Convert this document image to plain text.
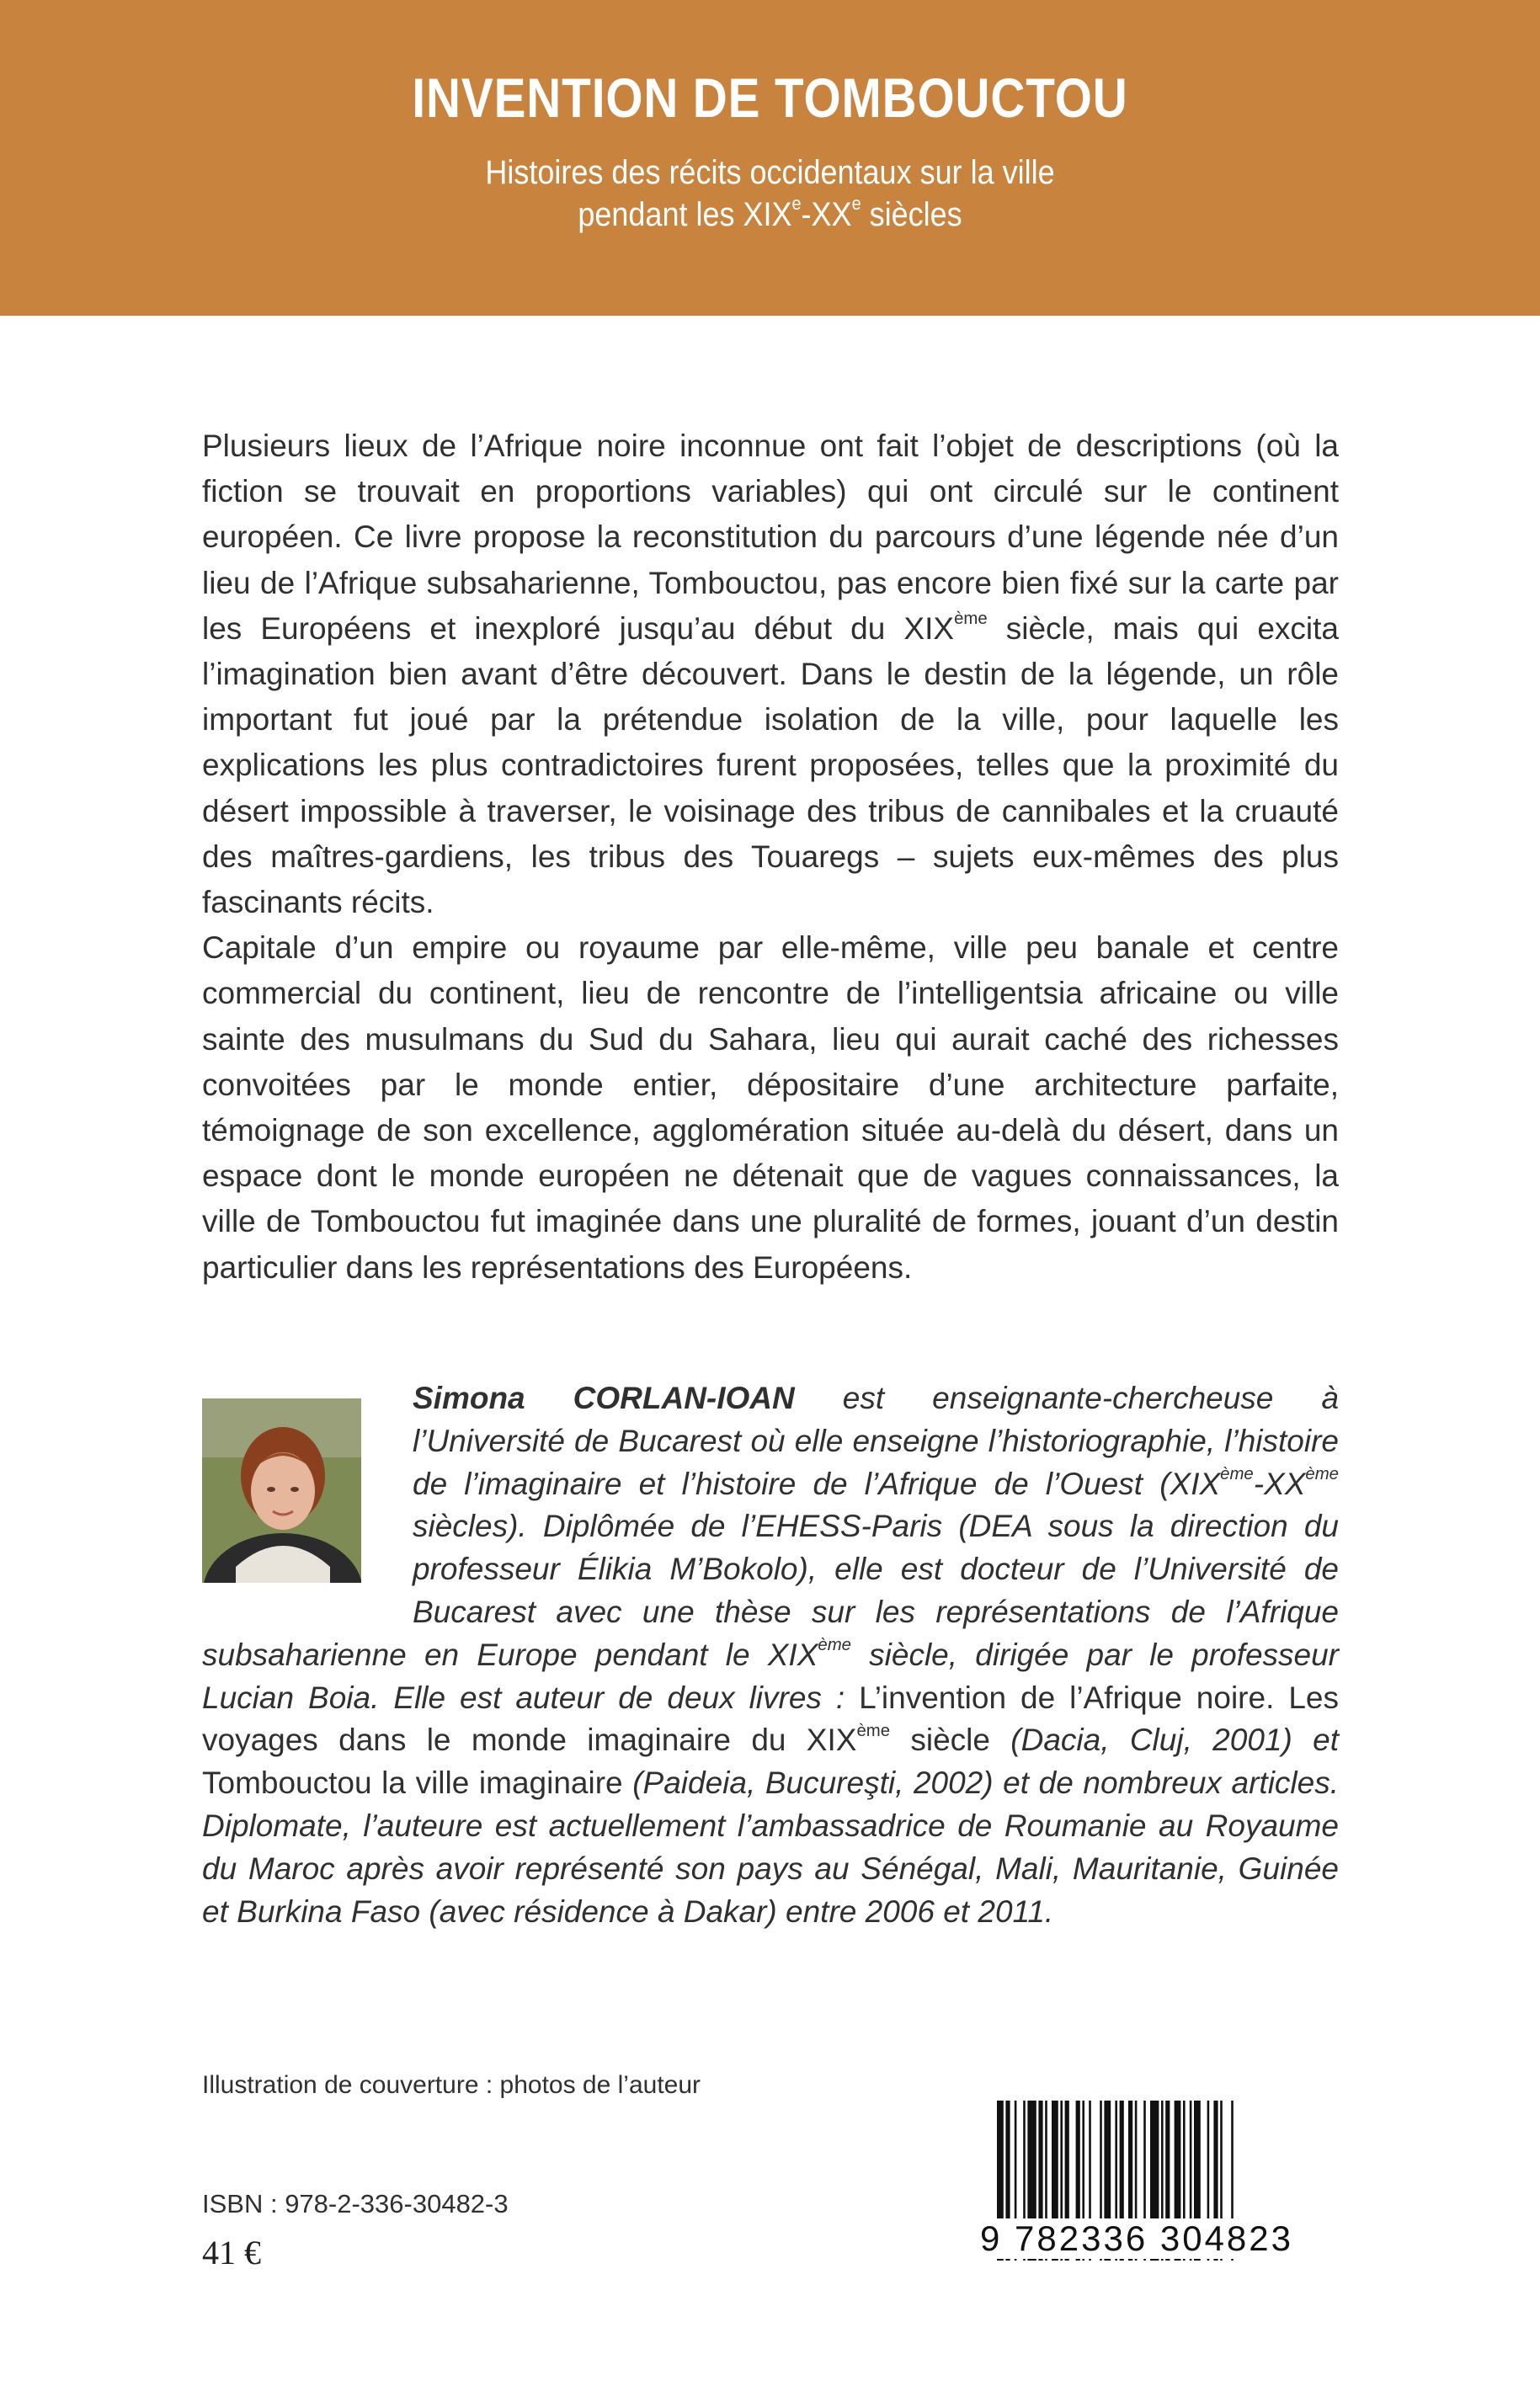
INVENTION DE TOMBOUCTOU
Histoires des récits occidentaux sur la ville
pendant les XIXe-XXe siècles

Plusieurs lieux de l’Afrique noire inconnue ont fait l’objet de descriptions (où la fiction se trouvait en proportions variables) qui ont circulé sur le continent européen. Ce livre propose la reconstitution du parcours d’une légende née d’un lieu de l’Afrique subsaharienne, Tombouctou, pas encore bien fixé sur la carte par les Européens et inexploré jusqu’au début du XIXème siècle, mais qui excita l’imagination bien avant d’être découvert. Dans le destin de la légende, un rôle important fut joué par la prétendue isolation de la ville, pour laquelle les explications les plus contradictoires furent proposées, telles que la proximité du désert impossible à traverser, le voisinage des tribus de cannibales et la cruauté des maîtres-gardiens, les tribus des Touaregs – sujets eux-mêmes des plus fascinants récits.

Capitale d’un empire ou royaume par elle-même, ville peu banale et centre commercial du continent, lieu de rencontre de l’intelligentsia africaine ou ville sainte des musulmans du Sud du Sahara, lieu qui aurait caché des richesses convoitées par le monde entier, dépositaire d’une architecture parfaite, témoignage de son excellence, agglomération située au-delà du désert, dans un espace dont le monde européen ne détenait que de vagues connaissances, la ville de Tombouctou fut imaginée dans une pluralité de formes, jouant d’un destin particulier dans les représentations des Européens.

Simona CORLAN-IOAN est enseignante-chercheuse à l’Université de Bucarest où elle enseigne l’historiographie, l’histoire de l’imaginaire et l’histoire de l’Afrique de l’Ouest (XIXème-XXème siècles). Diplômée de l’EHESS-Paris (DEA sous la direction du professeur Élikia M’Bokolo), elle est docteur de l’Université de Bucarest avec une thèse sur les représentations de l’Afrique subsaharienne en Europe pendant le XIXème siècle, dirigée par le professeur Lucian Boia. Elle est auteur de deux livres : L’invention de l’Afrique noire. Les voyages dans le monde imaginaire du XIXème siècle (Dacia, Cluj, 2001) et Tombouctou la ville imaginaire (Paideia, Bucureşti, 2002) et de nombreux articles. Diplomate, l’auteure est actuellement l’ambassadrice de Roumanie au Royaume du Maroc après avoir représenté son pays au Sénégal, Mali, Mauritanie, Guinée et Burkina Faso (avec résidence à Dakar) entre 2006 et 2011.

Illustration de couverture : photos de l’auteur
ISBN : 978-2-336-30482-3
41 €	9 782336 304823
